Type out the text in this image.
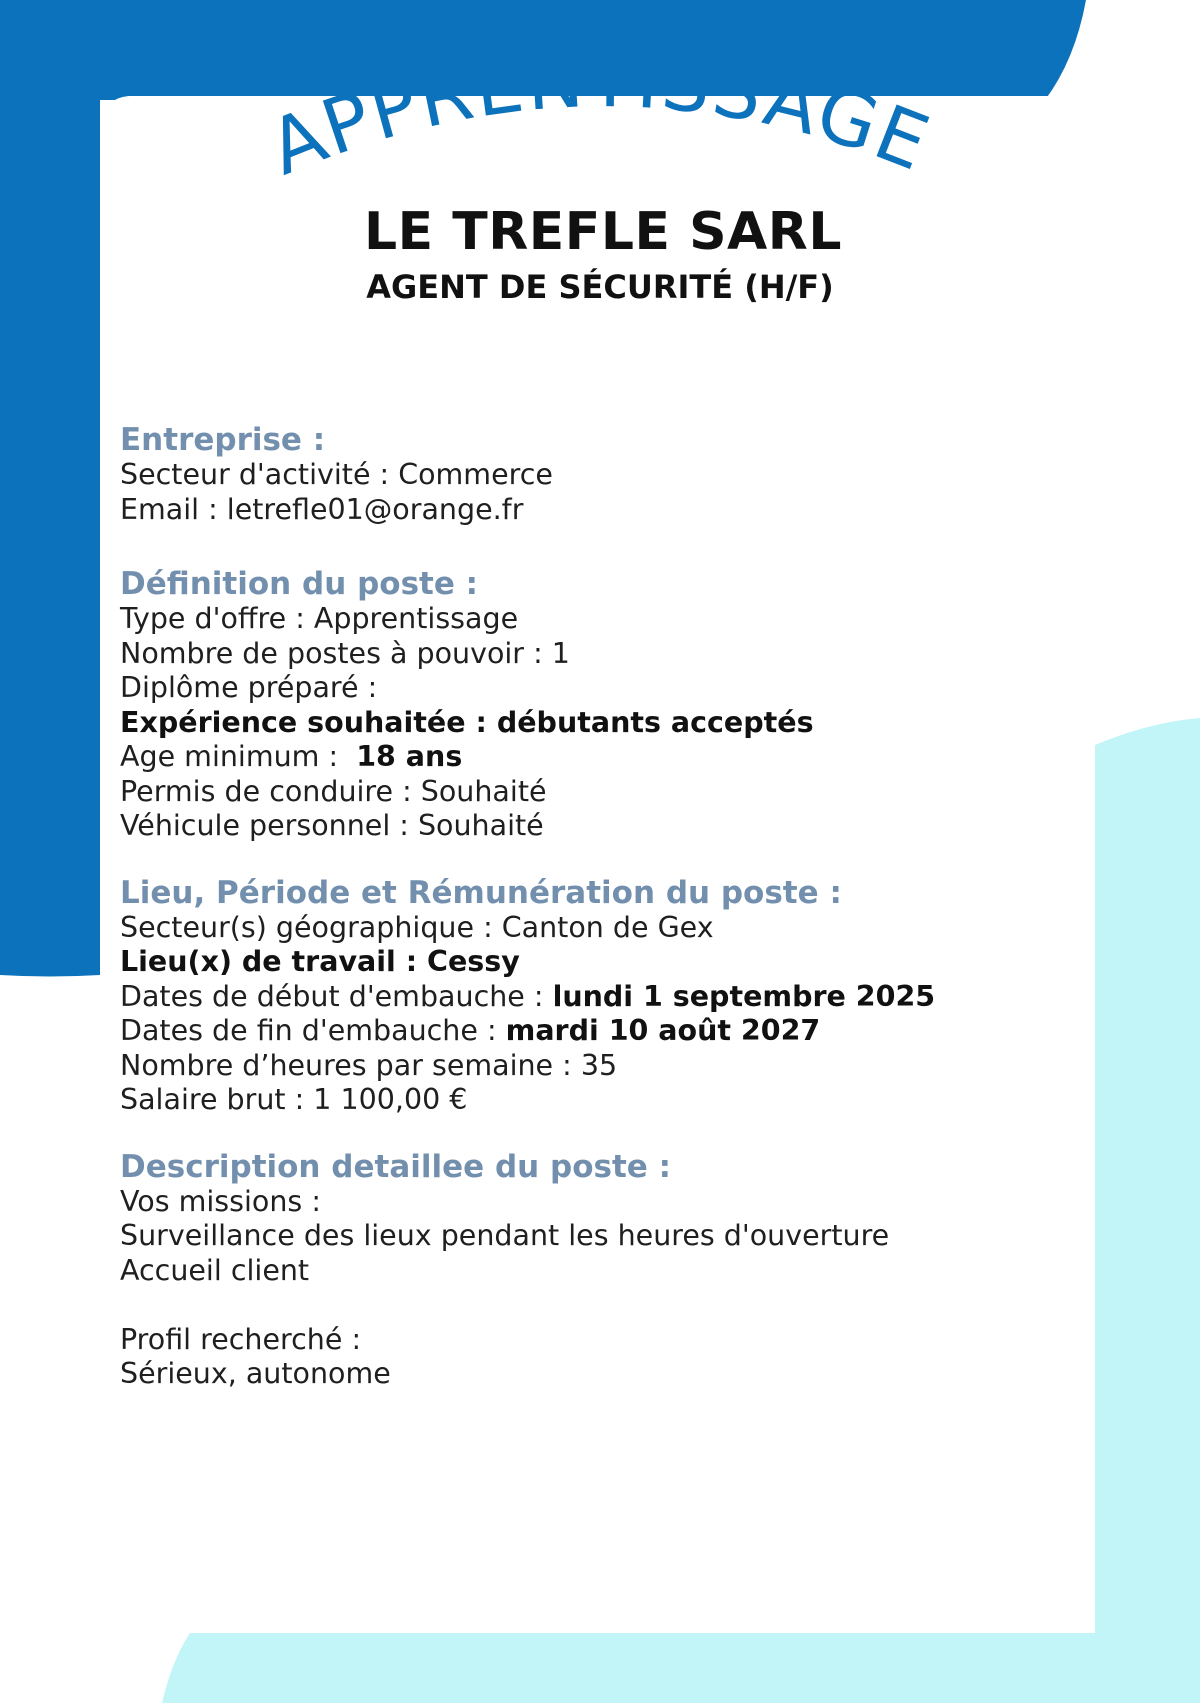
APPRENTISSAGE
LE TREFLE SARL
AGENT DE SÉCURITÉ (H/F)

Entreprise :

Secteur d'activité : Commerce

Email : letrefle01@orange.fr

Définition du poste :

Type d'offre : Apprentissage

Nombre de postes à pouvoir : 1

Diplôme préparé :

Expérience souhaitée : débutants acceptés

Age minimum :  18 ans

Permis de conduire : Souhaité

Véhicule personnel : Souhaité

Lieu, Période et Rémunération du poste :

Secteur(s) géographique : Canton de Gex

Lieu(x) de travail : Cessy

Dates de début d'embauche : lundi 1 septembre 2025

Dates de fin d'embauche : mardi 10 août 2027

Nombre d’heures par semaine : 35

Salaire brut : 1 100,00 €

Description detaillee du poste :

Vos missions :

Surveillance des lieux pendant les heures d'ouverture

Accueil client

Profil recherché :

Sérieux, autonome
